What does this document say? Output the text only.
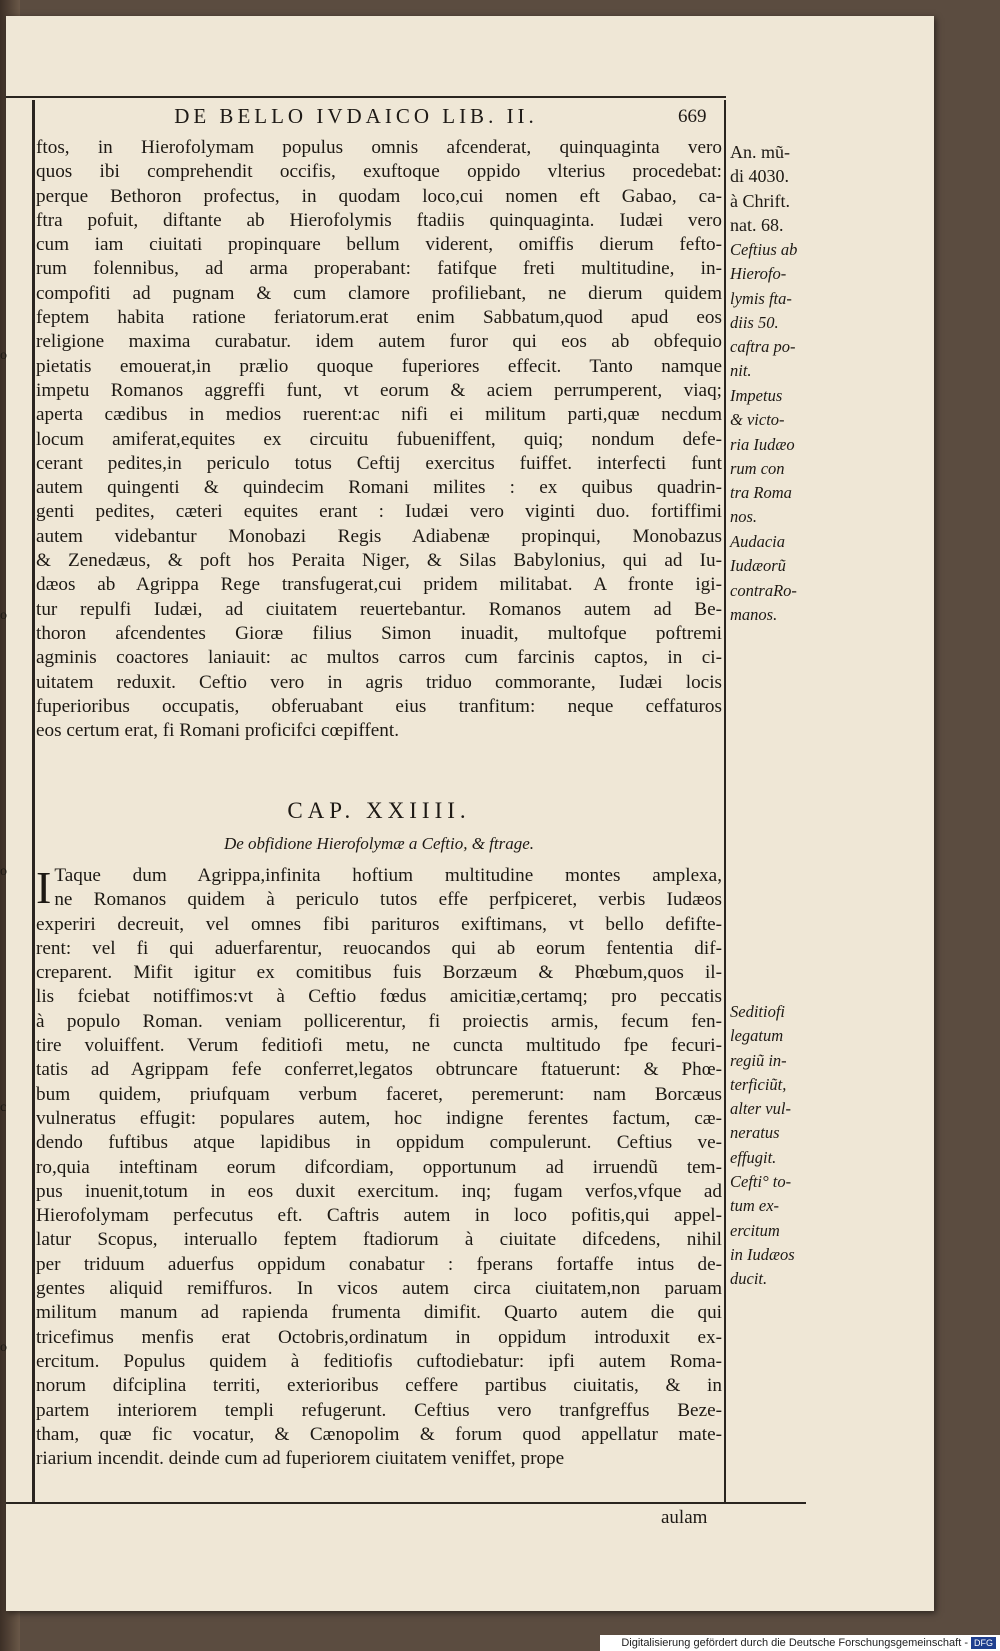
DE BELLO IVDAICO LIB. II.	669
ftos, in Hierofolymam populus omnis afcenderat, quinquaginta vero
quos ibi comprehendit occifis, exuftoque oppido vlterius procedebat:
perque Bethoron profectus, in quodam loco,cui nomen eft Gabao, ca-
ftra pofuit, diftante ab Hierofolymis ftadiis quinquaginta. Iudæi vero
cum iam ciuitati propinquare bellum viderent, omiffis dierum fefto-
rum folennibus, ad arma properabant: fatifque freti multitudine, in-
compofiti ad pugnam & cum clamore profiliebant, ne dierum quidem
feptem habita ratione feriatorum.erat enim Sabbatum,quod apud eos
religione maxima curabatur. idem autem furor qui eos ab obfequio
pietatis emouerat,in prælio quoque fuperiores effecit. Tanto namque
impetu Romanos aggreffi funt, vt eorum & aciem perrumperent, viaq;
aperta cædibus in medios ruerent:ac nifi ei militum parti,quæ necdum
locum amiferat,equites ex circuitu fubueniffent, quiq; nondum defe-
cerant pedites,in periculo totus Ceftij exercitus fuiffet. interfecti funt
autem quingenti & quindecim Romani milites : ex quibus quadrin-
genti pedites, cæteri equites erant : Iudæi vero viginti duo. fortiffimi
autem videbantur Monobazi Regis Adiabenæ propinqui, Monobazus
& Zenedæus, & poft hos Peraita Niger, & Silas Babylonius, qui ad Iu-
dæos ab Agrippa Rege transfugerat,cui pridem militabat. A fronte igi-
tur repulfi Iudæi, ad ciuitatem reuertebantur. Romanos autem ad Be-
thoron afcendentes Gioræ filius Simon inuadit, multofque poftremi
agminis coactores laniauit: ac multos carros cum farcinis captos, in ci-
uitatem reduxit. Ceftio vero in agris triduo commorante, Iudæi locis
fuperioribus occupatis, obferuabant eius tranfitum: neque ceffaturos
eos certum erat, fi Romani proficifci cœpiffent.
CAP. XXIIII.
De obfidione Hierofolymæ a Ceftio, & ftrage.
I Taque dum Agrippa,infinita hoftium multitudine montes amplexa,
ne Romanos quidem à periculo tutos effe perfpiceret, verbis Iudæos
experiri decreuit, vel omnes fibi parituros exiftimans, vt bello defifte-
rent: vel fi qui aduerfarentur, reuocandos qui ab eorum fententia dif-
creparent. Mifit igitur ex comitibus fuis Borzæum & Phœbum,quos il-
lis fciebat notiffimos:vt à Ceftio fœdus amicitiæ,certamq; pro peccatis
à populo Roman. veniam pollicerentur, fi proiectis armis, fecum fen-
tire voluiffent. Verum feditiofi metu, ne cuncta multitudo fpe fecuri-
tatis ad Agrippam fefe conferret,legatos obtruncare ftatuerunt: & Phœ-
bum quidem, priufquam verbum faceret, peremerunt: nam Borcæus
vulneratus effugit: populares autem, hoc indigne ferentes factum, cæ-
dendo fuftibus atque lapidibus in oppidum compulerunt. Ceftius ve-
ro,quia inteftinam eorum difcordiam, opportunum ad irruendũ tem-
pus inuenit,totum in eos duxit exercitum. inq; fugam verfos,vfque ad
Hierofolymam perfecutus eft. Caftris autem in loco pofitis,qui appel-
latur Scopus, interuallo feptem ftadiorum à ciuitate difcedens, nihil
per triduum aduerfus oppidum conabatur : fperans fortaffe intus de-
gentes aliquid remiffuros. In vicos autem circa ciuitatem,non paruam
militum manum ad rapienda frumenta dimifit. Quarto autem die qui
tricefimus menfis erat Octobris,ordinatum in oppidum introduxit ex-
ercitum. Populus quidem à feditiofis cuftodiebatur: ipfi autem Roma-
norum difciplina territi, exterioribus ceffere partibus ciuitatis, & in
partem interiorem templi refugerunt. Ceftius vero tranfgreffus Beze-
tham, quæ fic vocatur, & Cænopolim & forum quod appellatur mate-
riarium incendit. deinde cum ad fuperiorem ciuitatem veniffet, prope
An. mũ-
di 4030.
à Chrift.
nat. 68.
Ceftius ab
Hierofo-
lymis fta-
diis 50.
caftra po-
nit.
Impetus
& victo-
ria Iudæo
rum con
tra Roma
nos.
Audacia
Iudæorũ
contraRo-
manos.
Seditiofi
legatum
regiũ in-
terficiũt,
alter vul-
neratus
effugit.
Cefti° to-
tum ex-
ercitum
in Iudæos
ducit.
aulam
o
o
o
c
o
Digitalisierung gefördert durch die Deutsche Forschungsgemeinschaft - DFG
